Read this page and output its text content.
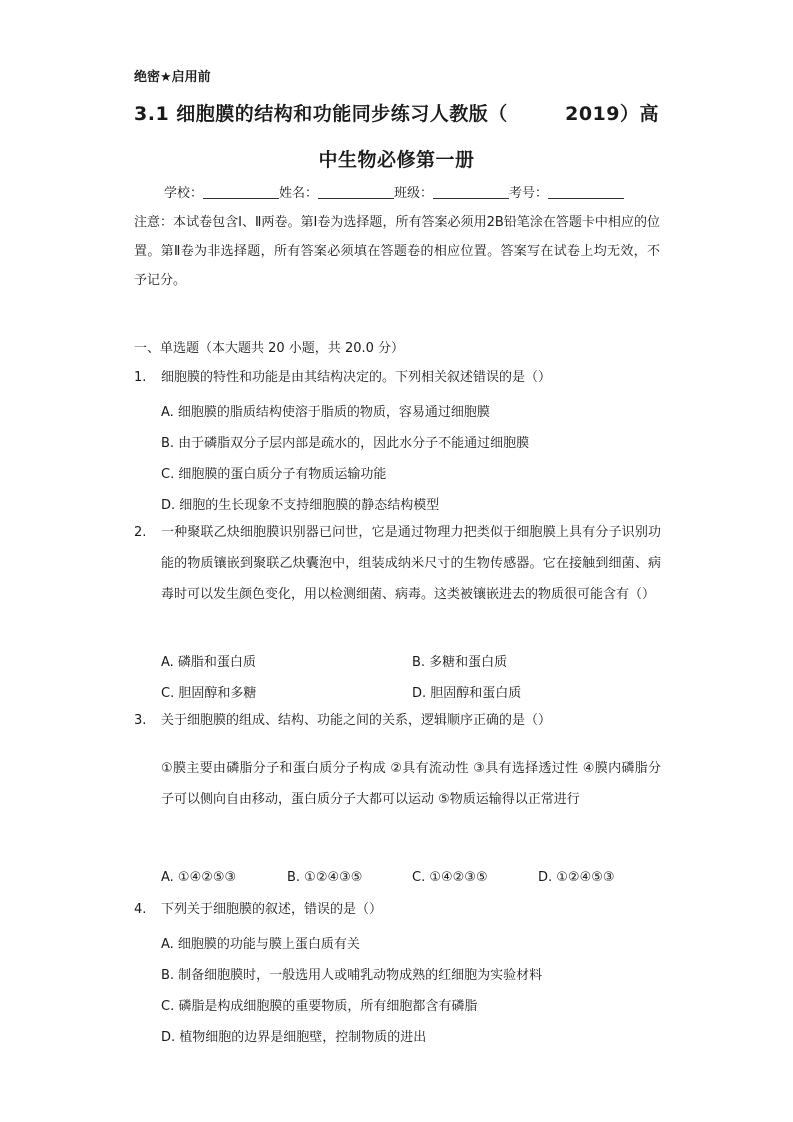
绝密★启用前
3.1 细胞膜的结构和功能同步练习人教版（	2019）高
中生物必修第一册
学校：	姓名：	班级：	考号：
注意：本试卷包含Ⅰ、Ⅱ两卷。第Ⅰ卷为选择题，所有答案必须用2B铅笔涂在答题卡中相应的位置。第Ⅱ卷为非选择题，所有答案必须填在答题卷的相应位置。答案写在试卷上均无效，不予记分。
一、单选题（本大题共 20 小题，共 20.0 分）
1. 细胞膜的特性和功能是由其结构决定的。下列相关叙述错误的是（）
A. 细胞膜的脂质结构使溶于脂质的物质，容易通过细胞膜
B. 由于磷脂双分子层内部是疏水的，因此水分子不能通过细胞膜
C. 细胞膜的蛋白质分子有物质运输功能
D. 细胞的生长现象不支持细胞膜的静态结构模型
2. 一种聚联乙炔细胞膜识别器已问世，它是通过物理力把类似于细胞膜上具有分子识别功能的物质镶嵌到聚联乙炔囊泡中，组装成纳米尺寸的生物传感器。它在接触到细菌、病毒时可以发生颜色变化，用以检测细菌、病毒。这类被镶嵌进去的物质很可能含有（）
A. 磷脂和蛋白质	B. 多糖和蛋白质
C. 胆固醇和多糖	D. 胆固醇和蛋白质
3. 关于细胞膜的组成、结构、功能之间的关系，逻辑顺序正确的是（）
①膜主要由磷脂分子和蛋白质分子构成 ②具有流动性 ③具有选择透过性 ④膜内磷脂分子可以侧向自由移动，蛋白质分子大都可以运动 ⑤物质运输得以正常进行
A. ①④②⑤③	B. ①②④③⑤	C. ①④②③⑤	D. ①②④⑤③
4. 下列关于细胞膜的叙述，错误的是（）
A. 细胞膜的功能与膜上蛋白质有关
B. 制备细胞膜时，一般选用人或哺乳动物成熟的红细胞为实验材料
C. 磷脂是构成细胞膜的重要物质，所有细胞都含有磷脂
D. 植物细胞的边界是细胞壁，控制物质的进出
